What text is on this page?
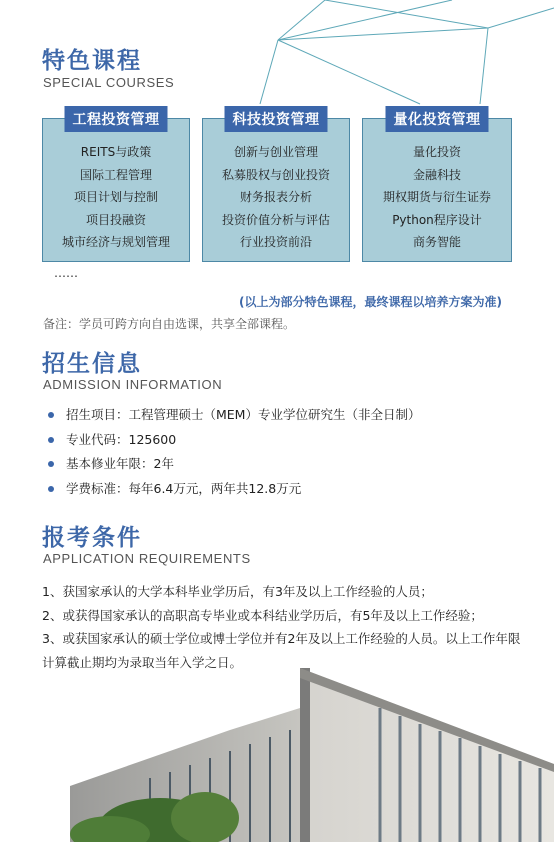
特色课程

SPECIAL COURSES

工程投资管理
REITS与政策
国际工程管理
项目计划与控制
项目投融资
城市经济与规划管理
科技投资管理
创新与创业管理
私募股权与创业投资
财务报表分析
投资价值分析与评估
行业投资前沿
量化投资管理
量化投资
金融科技
期权期货与衍生证券
Python程序设计
商务智能
……
(以上为部分特色课程，最终课程以培养方案为准)
备注：学员可跨方向自由选课，共享全部课程。
招生信息

ADMISSION INFORMATION

招生项目：工程管理硕士（MEM）专业学位研究生（非全日制）
专业代码：125600
基本修业年限：2年
学费标准：每年6.4万元，两年共12.8万元
报考条件

APPLICATION REQUIREMENTS

1、获国家承认的大学本科毕业学历后，有3年及以上工作经验的人员；
2、或获得国家承认的高职高专毕业或本科结业学历后，有5年及以上工作经验；
3、或获国家承认的硕士学位或博士学位并有2年及以上工作经验的人员。以上工作年限计算截止期均为录取当年入学之日。
